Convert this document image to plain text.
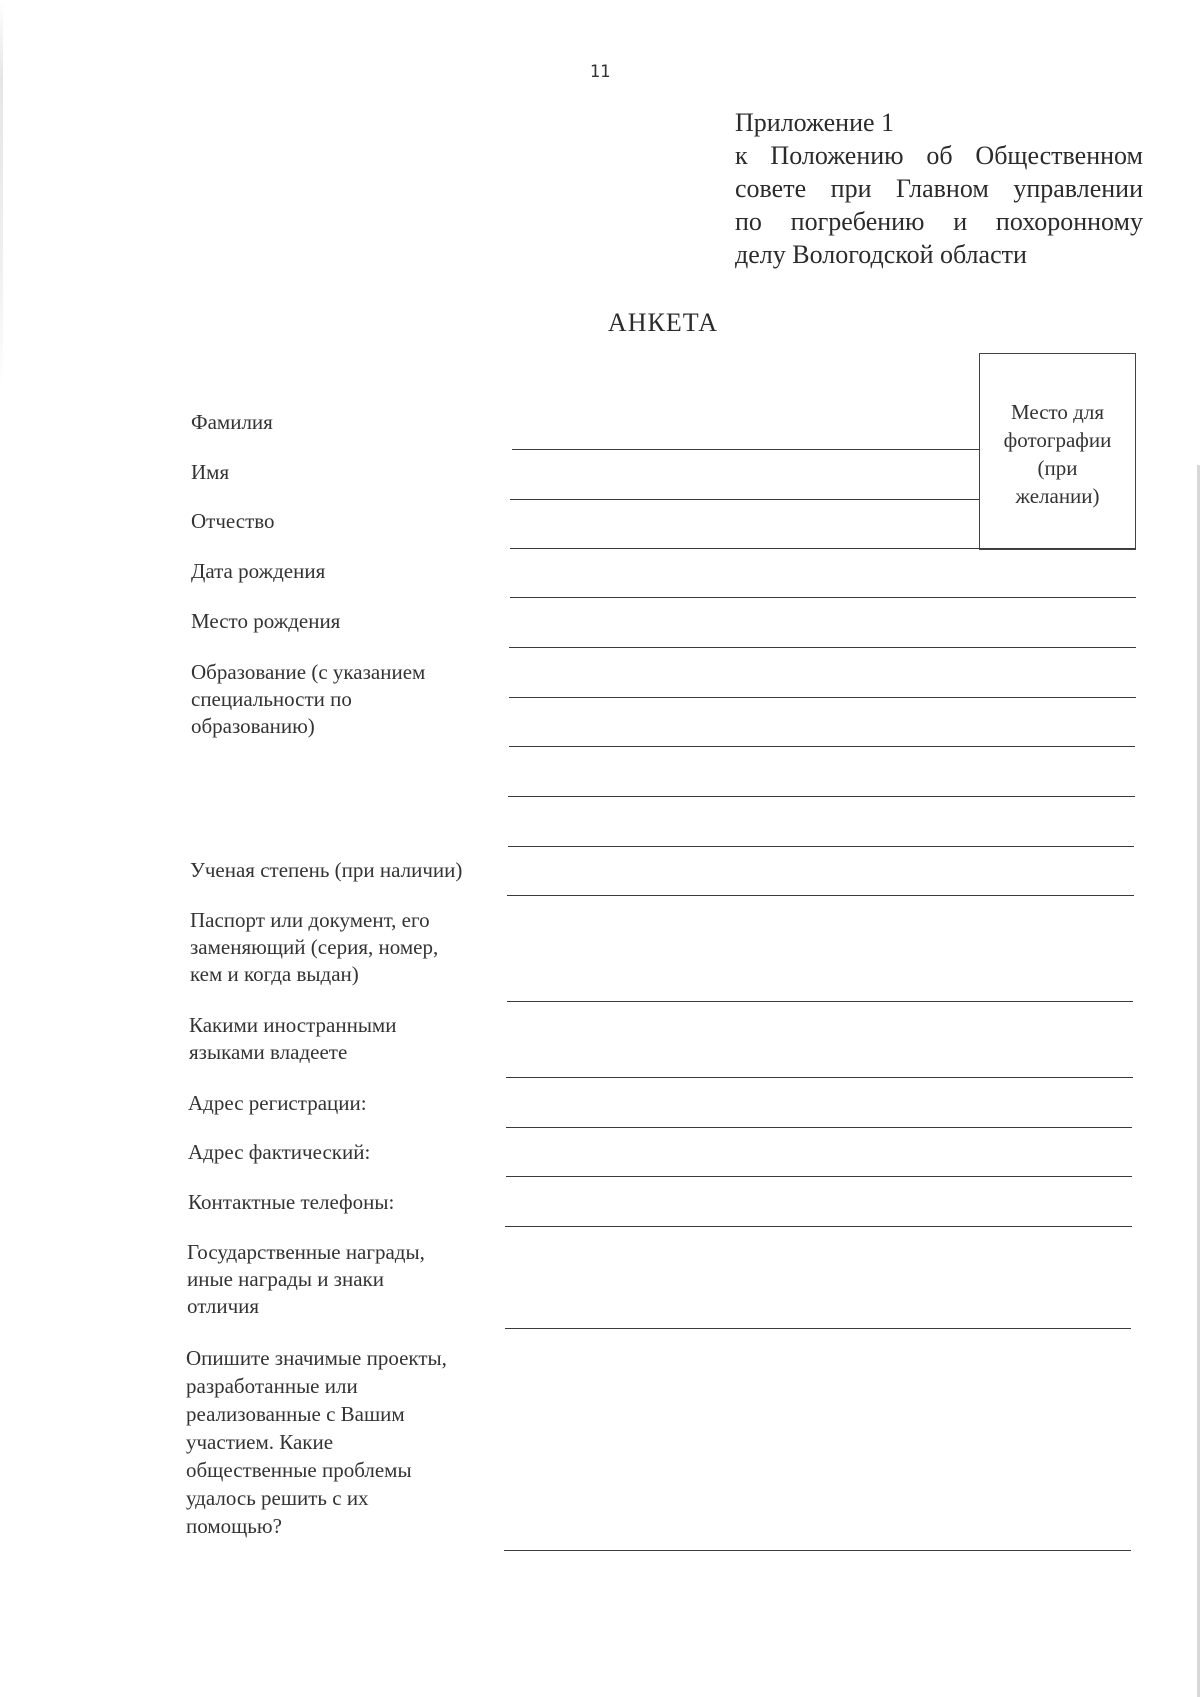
11
Приложение 1
к Положению об Общественном
совете при Главном управлении
по погребению и похоронному
делу Вологодской области
АНКЕТА
Место для
фотографии
(при
желании)
Фамилия
Имя
Отчество
Дата рождения
Место рождения
Образование (с указанием
специальности по
образованию)
Ученая степень (при наличии)
Паспорт или документ, его
заменяющий (серия, номер,
кем и когда выдан)
Какими иностранными
языками владеете
Адрес регистрации:
Адрес фактический:
Контактные телефоны:
Государственные награды,
иные награды и знаки
отличия
Опишите значимые проекты,
разработанные или
реализованные с Вашим
участием. Какие
общественные проблемы
удалось решить с их
помощью?
